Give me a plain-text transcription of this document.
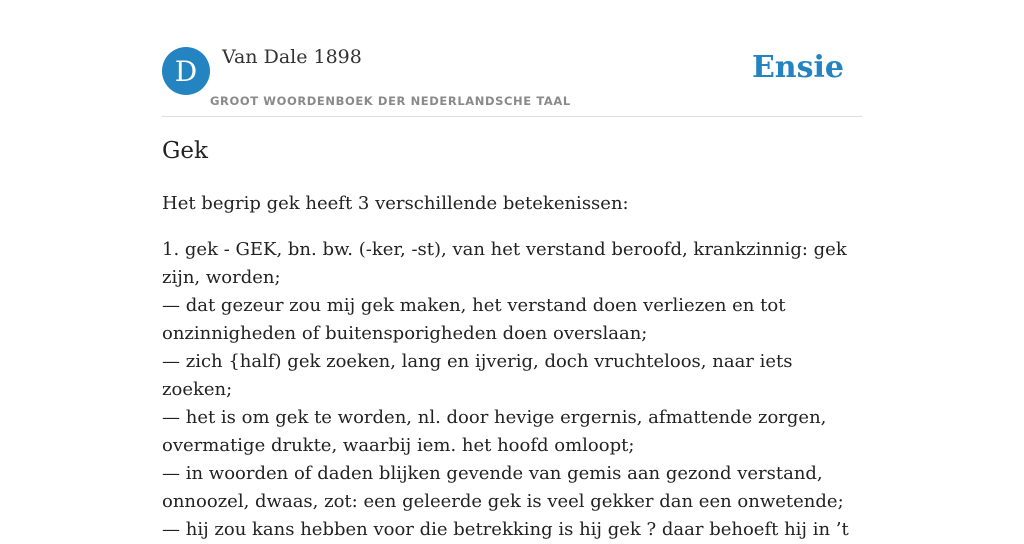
D Van Dale 1898
GROOT WOORDENBOEK DER NEDERLANDSCHE TAAL
Ensie
Gek

Het begrip gek heeft 3 verschillende betekenissen:

1. gek - GEK, bn. bw. (-ker, -st), van het verstand beroofd, krankzinnig: gek zijn, worden;
— dat gezeur zou mij gek maken, het verstand doen verliezen en tot onzinnigheden of buitensporigheden doen overslaan;
— zich {half) gek zoeken, lang en ijverig, doch vruchteloos, naar iets zoeken;
— het is om gek te worden, nl. door hevige ergernis, afmattende zorgen, overmatige drukte, waarbij iem. het hoofd omloopt;
— in woorden of daden blijken gevende van gemis aan gezond verstand, onnoozel, dwaas, zot: een geleerde gek is veel gekker dan een onwetende;
— hij zou kans hebben voor die betrekking is hij gek ? daar behoeft hij in ’t
